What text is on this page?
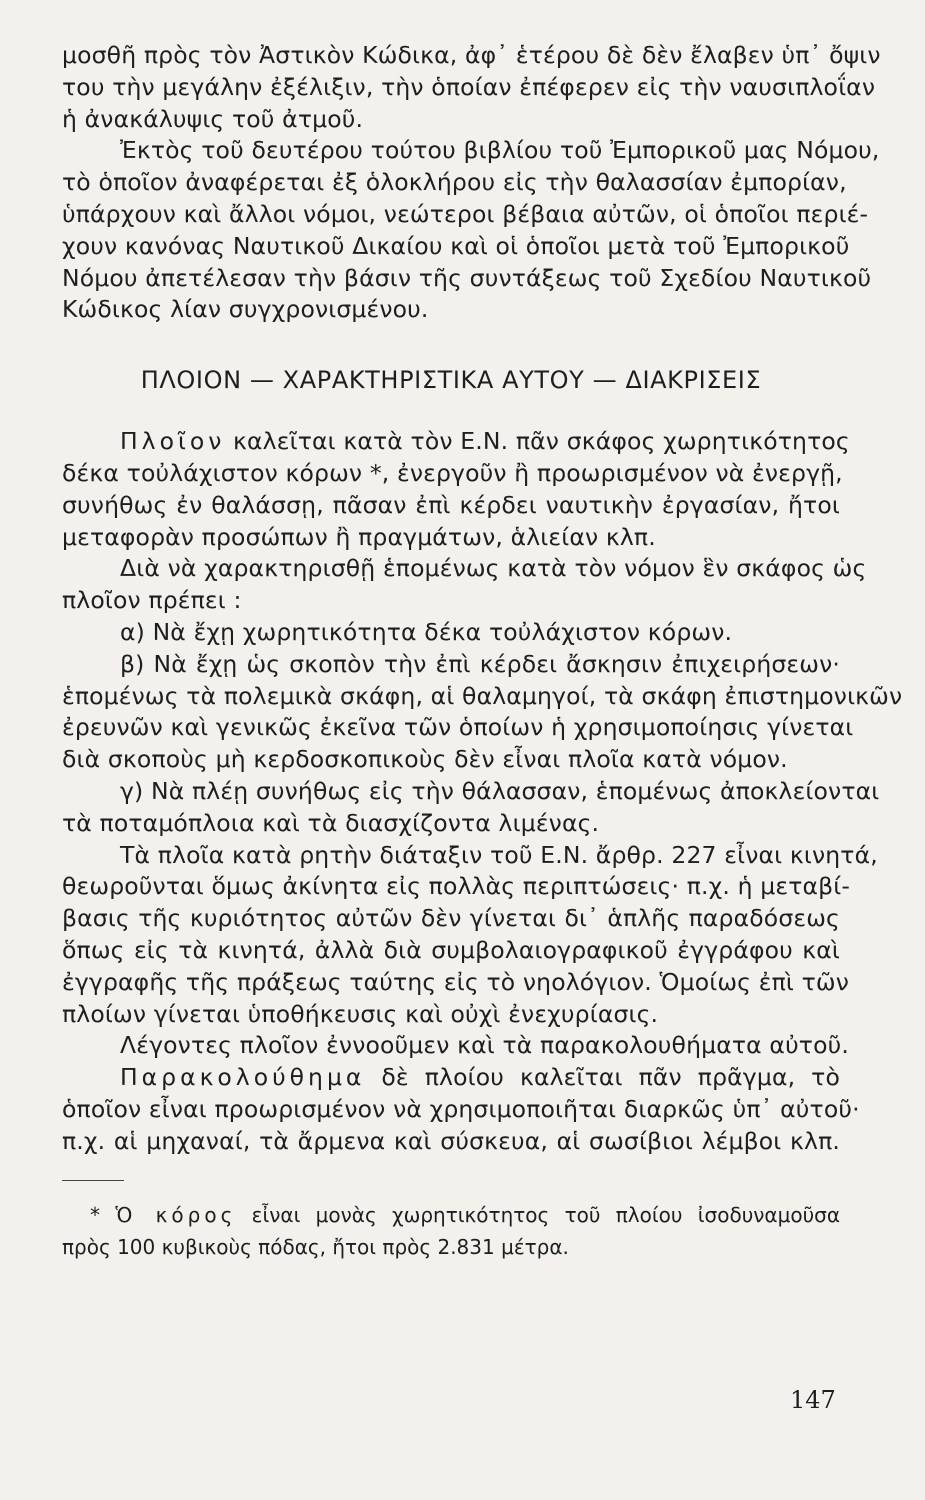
μοσθῆ πρὸς τὸν Ἀστικὸν Κώδικα, ἀφ᾽ ἑτέρου δὲ δὲν ἔλαβεν ὑπ᾽ ὄψιν
του τὴν μεγάλην ἐξέλιξιν, τὴν ὁποίαν ἐπέφερεν εἰς τὴν ναυσιπλοΐαν
ἡ ἀνακάλυψις τοῦ ἀτμοῦ.
Ἐκτὸς τοῦ δευτέρου τούτου βιβλίου τοῦ Ἐμπορικοῦ μας Νόμου,
τὸ ὁποῖον ἀναφέρεται ἐξ ὁλοκλήρου εἰς τὴν θαλασσίαν ἐμπορίαν,
ὑπάρχουν καὶ ἄλλοι νόμοι, νεώτεροι βέβαια αὐτῶν, οἱ ὁποῖοι περιέ-
χουν κανόνας Ναυτικοῦ Δικαίου καὶ οἱ ὁποῖοι μετὰ τοῦ Ἐμπορικοῦ
Νόμου ἀπετέλεσαν τὴν βάσιν τῆς συντάξεως τοῦ Σχεδίου Ναυτικοῦ
Κώδικος λίαν συγχρονισμένου.
ΠΛΟΙΟΝ — ΧΑΡΑΚΤΗΡΙΣΤΙΚΑ ΑΥΤΟΥ — ΔΙΑΚΡΙΣΕΙΣ
Πλοῖον καλεῖται κατὰ τὸν Ε.Ν. πᾶν σκάφος χωρητικότητος
δέκα τοὐλάχιστον κόρων *, ἐνεργοῦν ἢ προωρισμένον νὰ ἐνεργῇ,
συνήθως ἐν θαλάσσῃ, πᾶσαν ἐπὶ κέρδει ναυτικὴν ἐργασίαν, ἤτοι
μεταφορὰν προσώπων ἢ πραγμάτων, ἁλιείαν κλπ.
Διὰ νὰ χαρακτηρισθῇ ἑπομένως κατὰ τὸν νόμον ἓν σκάφος ὡς
πλοῖον πρέπει :
α) Νὰ ἔχῃ χωρητικότητα δέκα τοὐλάχιστον κόρων.
β) Νὰ ἔχῃ ὡς σκοπὸν τὴν ἐπὶ κέρδει ἄσκησιν ἐπιχειρήσεων·
ἑπομένως τὰ πολεμικὰ σκάφη, αἱ θαλαμηγοί, τὰ σκάφη ἐπιστημονικῶν
ἐρευνῶν καὶ γενικῶς ἐκεῖνα τῶν ὁποίων ἡ χρησιμοποίησις γίνεται
διὰ σκοποὺς μὴ κερδοσκοπικοὺς δὲν εἶναι πλοῖα κατὰ νόμον.
γ) Νὰ πλέῃ συνήθως εἰς τὴν θάλασσαν, ἑπομένως ἀποκλείονται
τὰ ποταμόπλοια καὶ τὰ διασχίζοντα λιμένας.
Τὰ πλοῖα κατὰ ρητὴν διάταξιν τοῦ Ε.Ν. ἄρθρ. 227 εἶναι κινητά,
θεωροῦνται ὅμως ἀκίνητα εἰς πολλὰς περιπτώσεις· π.χ. ἡ μεταβί-
βασις τῆς κυριότητος αὐτῶν δὲν γίνεται δι᾽ ἁπλῆς παραδόσεως
ὅπως εἰς τὰ κινητά, ἀλλὰ διὰ συμβολαιογραφικοῦ ἐγγράφου καὶ
ἐγγραφῆς τῆς πράξεως ταύτης εἰς τὸ νηολόγιον. Ὁμοίως ἐπὶ τῶν
πλοίων γίνεται ὑποθήκευσις καὶ οὐχὶ ἐνεχυρίασις.
Λέγοντες πλοῖον ἐννοοῦμεν καὶ τὰ παρακολουθήματα αὐτοῦ.
Παρακολούθημα δὲ πλοίου καλεῖται πᾶν πρᾶγμα, τὸ
ὁποῖον εἶναι προωρισμένον νὰ χρησιμοποιῆται διαρκῶς ὑπ᾽ αὐτοῦ·
π.χ. αἱ μηχαναί, τὰ ἄρμενα καὶ σύσκευα, αἱ σωσίβιοι λέμβοι κλπ.
* Ὁ κόρος εἶναι μονὰς χωρητικότητος τοῦ πλοίου ἰσοδυναμοῦσα
πρὸς 100 κυβικοὺς πόδας, ἤτοι πρὸς 2.831 μέτρα.
147
